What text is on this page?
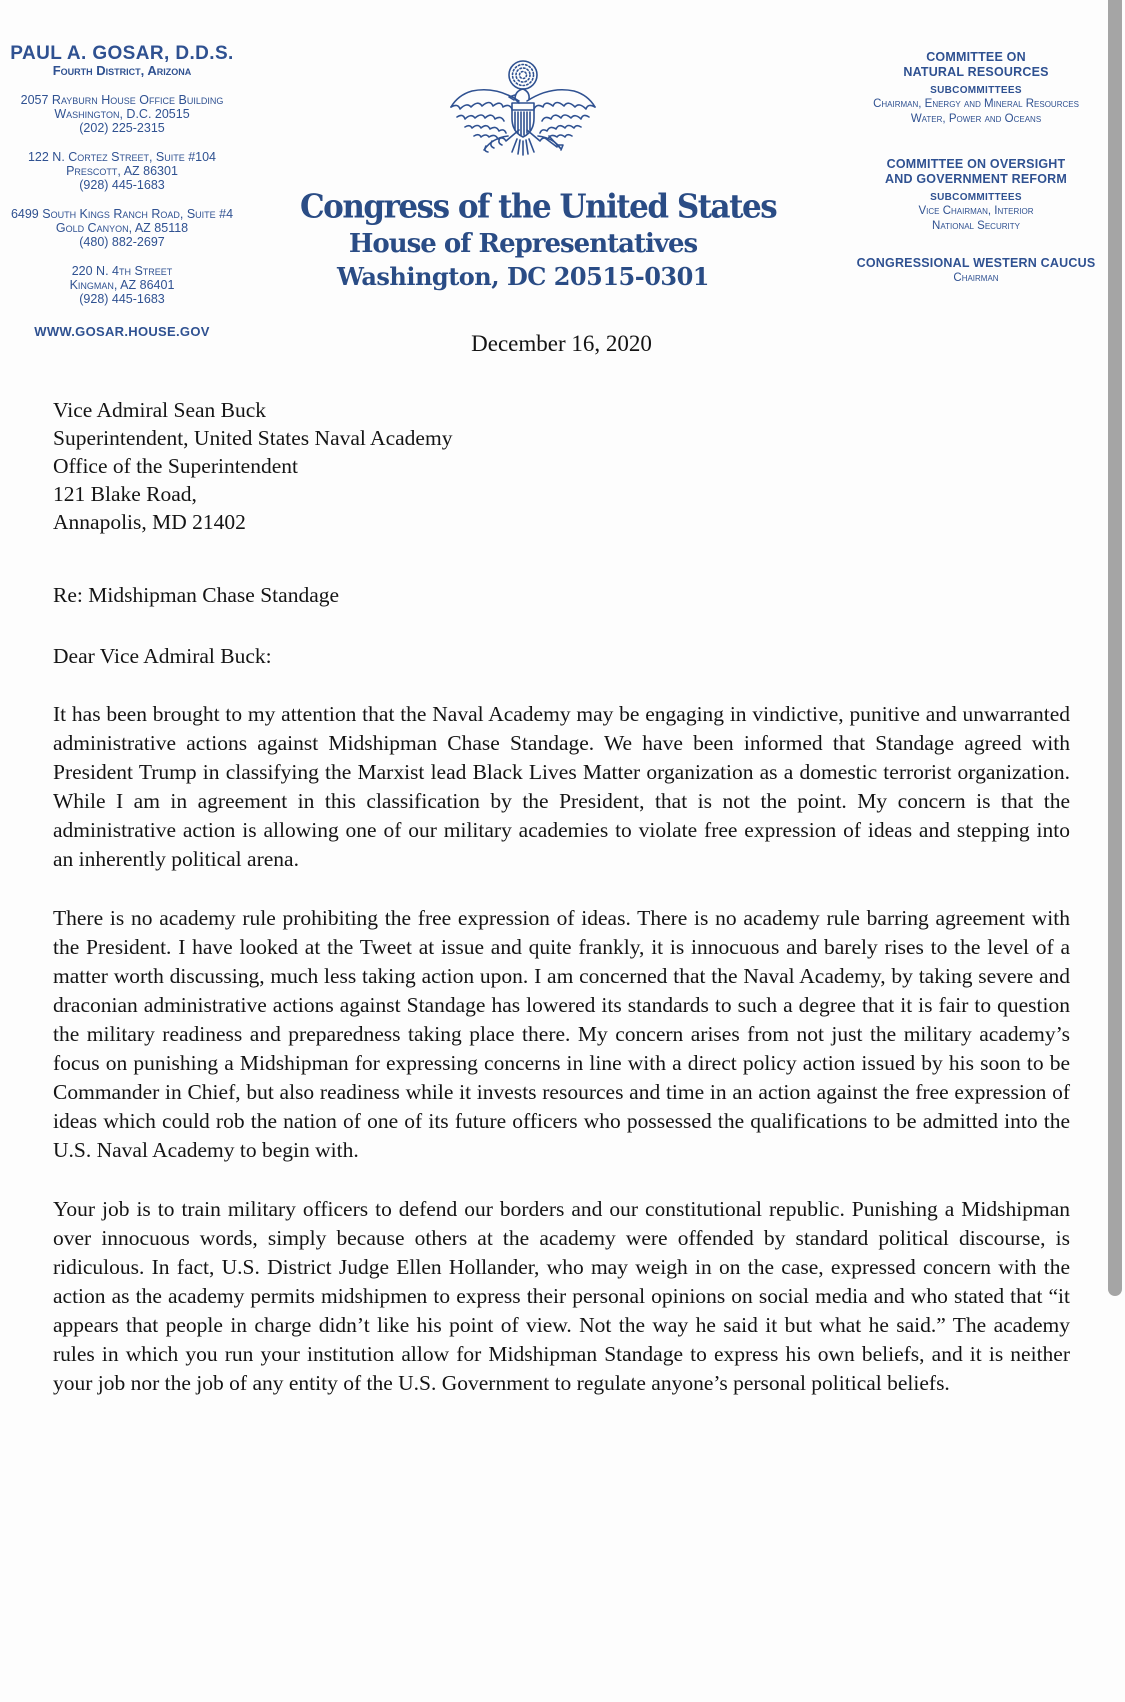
PAUL A. GOSAR, D.D.S.
Fourth District, Arizona
2057 Rayburn House Office Building
Washington, D.C. 20515
(202) 225-2315
122 N. Cortez Street, Suite #104
Prescott, AZ 86301
(928) 445-1683
6499 South Kings Ranch Road, Suite #4
Gold Canyon, AZ 85118
(480) 882-2697
220 N. 4th Street
Kingman, AZ 86401
(928) 445-1683
WWW.GOSAR.HOUSE.GOV
Congress of the United States
House of Representatives
Washington, DC 20515-0301
COMMITTEE ON
NATURAL RESOURCES
SUBCOMMITTEES
Chairman, Energy and Mineral Resources
Water, Power and Oceans
COMMITTEE ON OVERSIGHT
AND GOVERNMENT REFORM
SUBCOMMITTEES
Vice Chairman, Interior
National Security
CONGRESSIONAL WESTERN CAUCUS
Chairman
December 16, 2020
Vice Admiral Sean Buck
Superintendent, United States Naval Academy
Office of the Superintendent
121 Blake Road,
Annapolis, MD 21402
Re: Midshipman Chase Standage
Dear Vice Admiral Buck:
It has been brought to my attention that the Naval Academy may be engaging in vindictive, punitive and unwarranted administrative actions against Midshipman Chase Standage. We have been informed that Standage agreed with President Trump in classifying the Marxist lead Black Lives Matter organization as a domestic terrorist organization. While I am in agreement in this classification by the President, that is not the point. My concern is that the administrative action is allowing one of our military academies to violate free expression of ideas and stepping into an inherently political arena.
There is no academy rule prohibiting the free expression of ideas. There is no academy rule barring agreement with the President. I have looked at the Tweet at issue and quite frankly, it is innocuous and barely rises to the level of a matter worth discussing, much less taking action upon. I am concerned that the Naval Academy, by taking severe and draconian administrative actions against Standage has lowered its standards to such a degree that it is fair to question the military readiness and preparedness taking place there. My concern arises from not just the military academy’s focus on punishing a Midshipman for expressing concerns in line with a direct policy action issued by his soon to be Commander in Chief, but also readiness while it invests resources and time in an action against the free expression of ideas which could rob the nation of one of its future officers who possessed the qualifications to be admitted into the U.S. Naval Academy to begin with.
Your job is to train military officers to defend our borders and our constitutional republic. Punishing a Midshipman over innocuous words, simply because others at the academy were offended by standard political discourse, is ridiculous. In fact, U.S. District Judge Ellen Hollander, who may weigh in on the case, expressed concern with the action as the academy permits midshipmen to express their personal opinions on social media and who stated that “it appears that people in charge didn’t like his point of view. Not the way he said it but what he said.” The academy rules in which you run your institution allow for Midshipman Standage to express his own beliefs, and it is neither your job nor the job of any entity of the U.S. Government to regulate anyone’s personal political beliefs.
